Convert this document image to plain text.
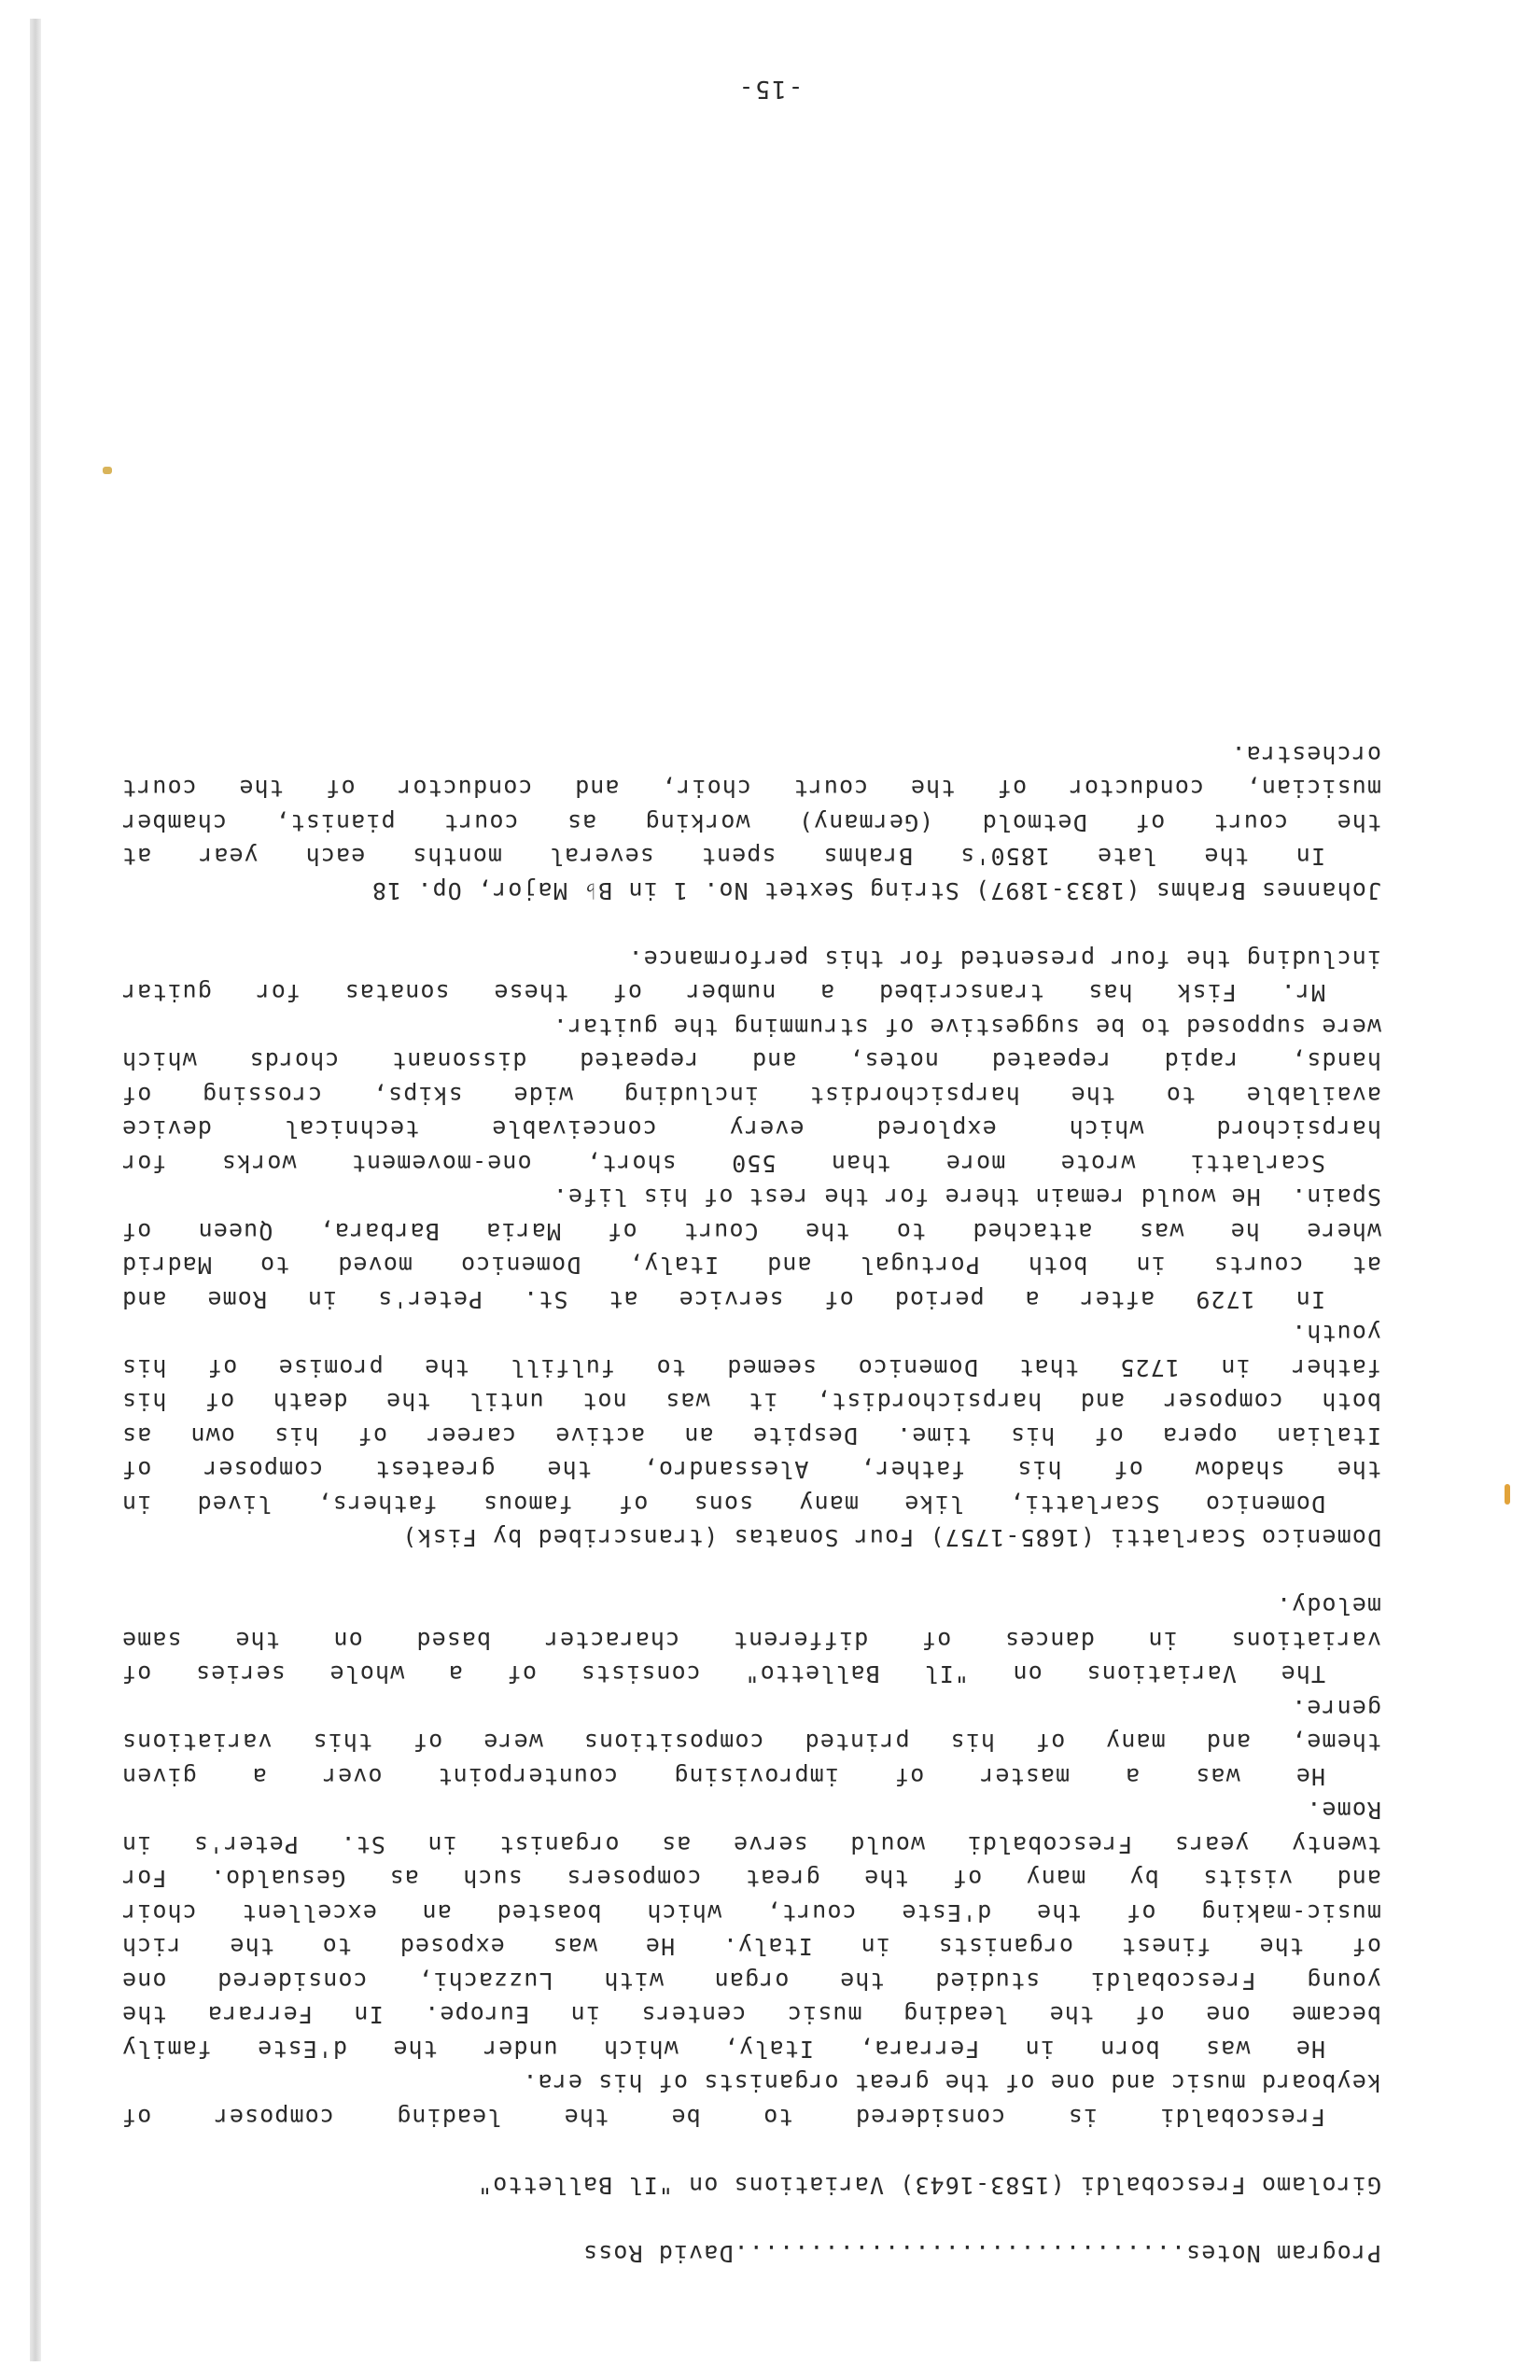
Program Notes..............................David Ross
Girolamo Frescobaldi (1583-1643) Variations on "Il Balletto"
Frescobaldi is considered to be the leading composer of
keyboard music and one of the great organists of his era.
He was born in Ferrara, Italy, which under the d'Este family
became one of the leading music centers in Europe. In Ferrara the
young Frescobaldi studied the organ with Luzzachi, considered one
of the finest organists in Italy. He was exposed to the rich
music-making of the d'Este court, which boasted an excellent choir
and visits by many of the great composers such as Gesualdo. For
twenty years Frescobaldi would serve as organist in St. Peter's in
Rome.
He was a master of improvising counterpoint over a given
theme, and many of his printed compositions were of this variations
genre.
The Variations on "Il Balletto" consists of a whole series of
variations in dances of different character based on the same
melody.
Domenico Scarlatti (1685-1757) Four Sonatas (transcribed by Fisk)
Domenico Scarlatti, like many sons of famous fathers, lived in
the shadow of his father, Alessandro, the greatest composer of
Italian opera of his time. Despite an active career of his own as
both composer and harpsichordist, it was not until the death of his
father in 1725 that Domenico seemed to fulfill the promise of his
youth.
In 1729 after a period of service at St. Peter's in Rome and
at courts in both Portugal and Italy, Domenico moved to Madrid
where he was attached to the Court of Maria Barbara, Queen of
Spain.  He would remain there for the rest of his life.
Scarlatti wrote more than 550 short, one-movement works for
harpsichord which explored every conceivable technical device
available to the harpsichordist including wide skips, crossing of
hands, rapid repeated notes, and repeated dissonant chords which
were supposed to be suggestive of strumming the guitar.
Mr. Fisk has transcribed a number of these sonatas for guitar
including the four presented for this performance.
Johannes Brahms (1833-1897) String Sextet No. 1 in B♭ Major, Op. 18
In the late 1850's Brahms spent several months each year at
the court of Detmold (Germany) working as court pianist, chamber
musician, conductor of the court choir, and conductor of the court
orchestra.
-15-
